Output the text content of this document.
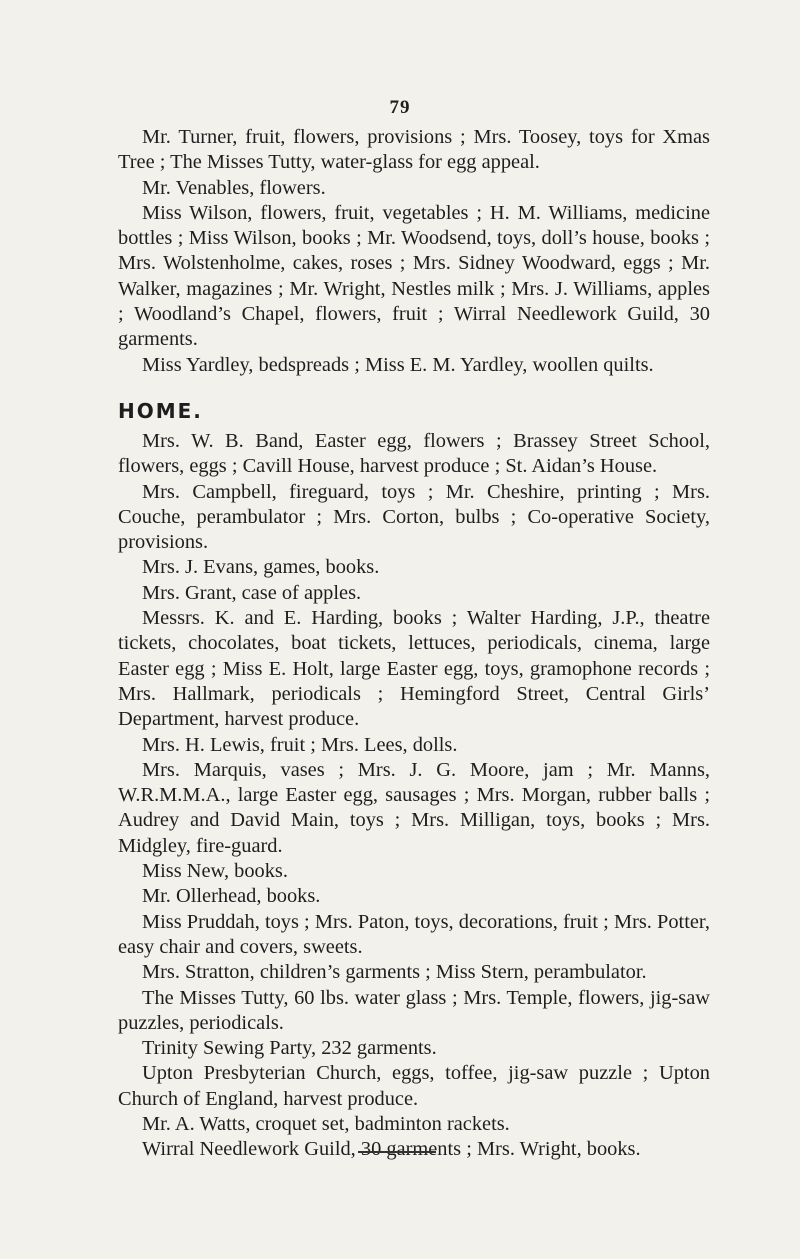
79

Mr. Turner, fruit, flowers, provisions ; Mrs. Toosey, toys for Xmas Tree ; The Misses Tutty, water-glass for egg appeal.

Mr. Venables, flowers.

Miss Wilson, flowers, fruit, vegetables ; H. M. Williams, medicine bottles ; Miss Wilson, books ; Mr. Woodsend, toys, doll’s house, books ; Mrs. Wolstenholme, cakes, roses ; Mrs. Sidney Woodward, eggs ; Mr. Walker, magazines ; Mr. Wright, Nestles milk ; Mrs. J. Williams, apples ; Woodland’s Chapel, flowers, fruit ; Wirral Needlework Guild, 30 garments.

Miss Yardley, bedspreads ; Miss E. M. Yardley, woollen quilts.

HOME.

Mrs. W. B. Band, Easter egg, flowers ; Brassey Street School, flowers, eggs ; Cavill House, harvest produce ; St. Aidan’s House.

Mrs. Campbell, fireguard, toys ; Mr. Cheshire, printing ; Mrs. Couche, perambulator ; Mrs. Corton, bulbs ; Co-operative Society, provisions.

Mrs. J. Evans, games, books.

Mrs. Grant, case of apples.

Messrs. K. and E. Harding, books ; Walter Harding, J.P., theatre tickets, chocolates, boat tickets, lettuces, periodicals, cinema, large Easter egg ; Miss E. Holt, large Easter egg, toys, gramophone records ; Mrs. Hallmark, periodicals ; Hemingford Street, Central Girls’ Department, harvest produce.

Mrs. H. Lewis, fruit ; Mrs. Lees, dolls.

Mrs. Marquis, vases ; Mrs. J. G. Moore, jam ; Mr. Manns, W.R.M.M.A., large Easter egg, sausages ; Mrs. Morgan, rubber balls ; Audrey and David Main, toys ; Mrs. Milligan, toys, books ; Mrs. Midgley, fire-guard.

Miss New, books.

Mr. Ollerhead, books.

Miss Pruddah, toys ; Mrs. Paton, toys, decorations, fruit ; Mrs. Potter, easy chair and covers, sweets.

Mrs. Stratton, children’s garments ; Miss Stern, perambulator.

The Misses Tutty, 60 lbs. water glass ; Mrs. Temple, flowers, jig-saw puzzles, periodicals.

Trinity Sewing Party, 232 garments.

Upton Presbyterian Church, eggs, toffee, jig-saw puzzle ; Upton Church of England, harvest produce.

Mr. A. Watts, croquet set, badminton rackets.

Wirral Needlework Guild, 30 garments ; Mrs. Wright, books.
